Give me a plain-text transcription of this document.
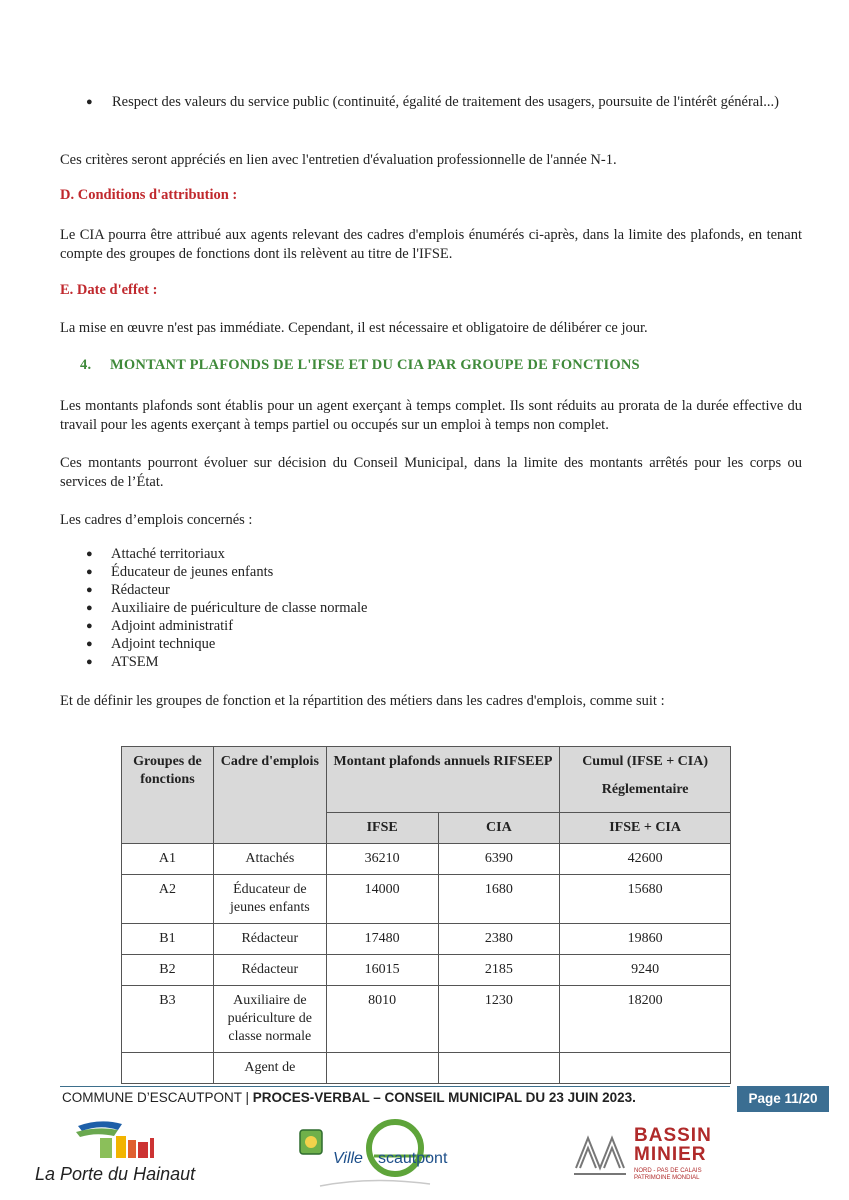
● Respect des valeurs du service public (continuité, égalité de traitement des usagers, poursuite de l'intérêt général...)

Ces critères seront appréciés en lien avec l'entretien d'évaluation professionnelle de l'année N-1.

D. Conditions d'attribution :

Le CIA pourra être attribué aux agents relevant des cadres d'emplois énumérés ci-après, dans la limite des plafonds, en tenant compte des groupes de fonctions dont ils relèvent au titre de l'IFSE.

E. Date d'effet :

La mise en œuvre n'est pas immédiate. Cependant, il est nécessaire et obligatoire de délibérer ce jour.

4. MONTANT PLAFONDS DE L'IFSE ET DU CIA PAR GROUPE DE FONCTIONS

Les montants plafonds sont établis pour un agent exerçant à temps complet. Ils sont réduits au prorata de la durée effective du travail pour les agents exerçant à temps partiel ou occupés sur un emploi à temps non complet.

Ces montants pourront évoluer sur décision du Conseil Municipal, dans la limite des montants arrêtés pour les corps ou services de l’État.

Les cadres d’emplois concernés :

● Attaché territoriaux
● Éducateur de jeunes enfants
● Rédacteur
● Auxiliaire de puériculture de classe normale
● Adjoint administratif
● Adjoint technique
● ATSEM

Et de définir les groupes de fonction et la répartition des métiers dans les cadres d'emplois, comme suit :

Groupes de fonctions	Cadre d'emplois	Montant plafonds annuels RIFSEEP		Cumul (IFSE + CIA)

Réglementaire

		IFSE	CIA	IFSE + CIA
A1	Attachés	36210	6390	42600
A2	Éducateur de jeunes enfants	14000	1680	15680
B1	Rédacteur	17480	2380	19860
B2	Rédacteur	16015	2185	9240
B3	Auxiliaire de puériculture de classe normale	8010	1230	18200
	Agent de			
COMMUNE D’ESCAUTPONT | PROCES-VERBAL – CONSEIL MUNICIPAL DU 23 JUIN 2023.	Page 11/20
La Porte du Hainaut
Ville scautpont
BASSIN
MINIER
NORD - PAS DE CALAIS
PATRIMOINE MONDIAL
